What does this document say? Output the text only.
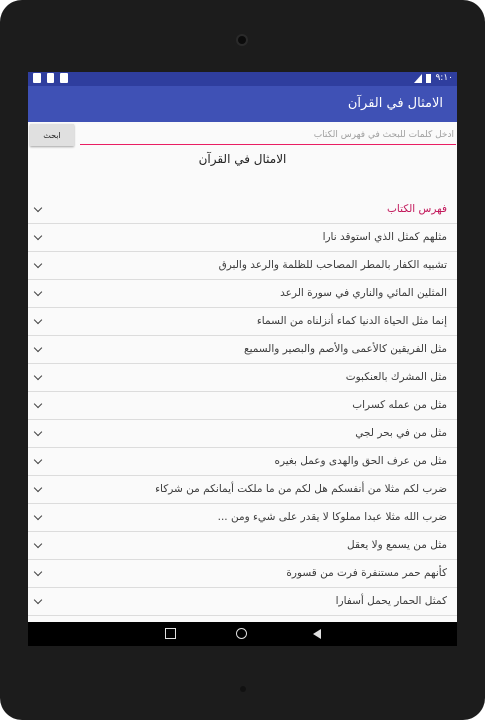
٩:١٠
الامثال في القرآن
ابحث
ادخل كلمات للبحث في فهرس الكتاب
الامثال في القرآن
فهرس الكتاب
مثلهم كمثل الذي استوقد نارا
تشبيه الكفار بالمطر المصاحب للظلمة والرعد والبرق
المثلين المائي والناري في سورة الرعد
إنما مثل الحياة الدنيا كماء أنزلناه من السماء
مثل الفريقين كالأعمى والأصم والبصير والسميع
مثل المشرك بالعنكبوت
مثل من عمله كسراب
مثل من في بحر لجي
مثل من عرف الحق والهدى وعمل بغيره
ضرب لكم مثلا من أنفسكم هل لكم من ما ملكت أيمانكم من شركاء
ضرب الله مثلا عبدا مملوكا لا يقدر على شيء ومن ...
مثل من يسمع ولا يعقل
كأنهم حمر مستنفرة فرت من قسورة
كمثل الحمار يحمل أسفارا
